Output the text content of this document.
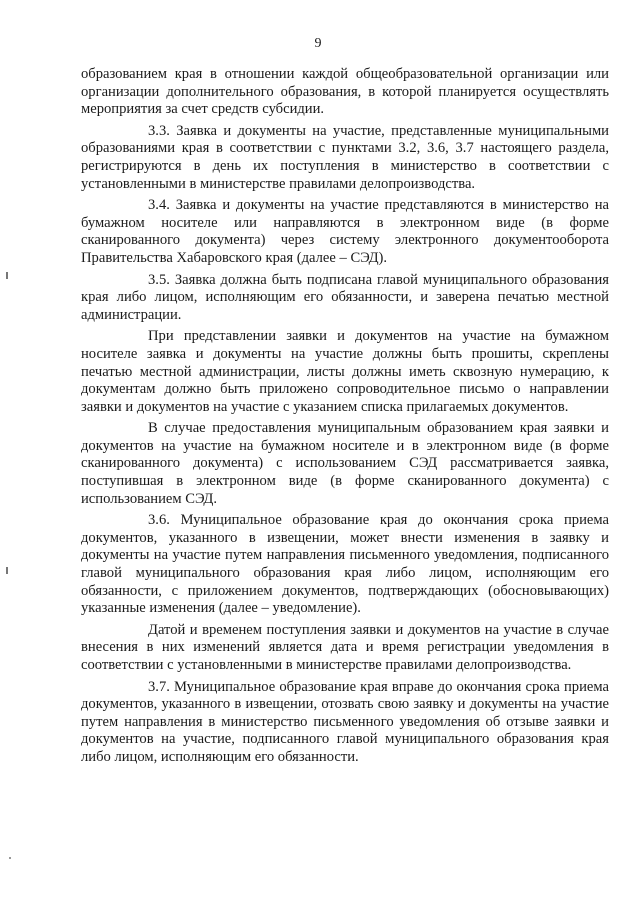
9

образованием края в отношении каждой общеобразовательной организации или организации дополнительного образования, в которой планируется осуществлять мероприятия за счет средств субсидии.

3.3. Заявка и документы на участие, представленные муниципальными образованиями края в соответствии с пунктами 3.2, 3.6, 3.7 настоящего раздела, регистрируются в день их поступления в министерство в соответствии с установленными в министерстве правилами делопроизводства.

3.4. Заявка и документы на участие представляются в министерство на бумажном носителе или направляются в электронном виде (в форме сканированного документа) через систему электронного документооборота Правительства Хабаровского края (далее – СЭД).

3.5. Заявка должна быть подписана главой муниципального образования края либо лицом, исполняющим его обязанности, и заверена печатью местной администрации.

При представлении заявки и документов на участие на бумажном носителе заявка и документы на участие должны быть прошиты, скреплены печатью местной администрации, листы должны иметь сквозную нумерацию, к документам должно быть приложено сопроводительное письмо о направлении заявки и документов на участие с указанием списка прилагаемых документов.

В случае предоставления муниципальным образованием края заявки и документов на участие на бумажном носителе и в электронном виде (в форме сканированного документа) с использованием СЭД рассматривается заявка, поступившая в электронном виде (в форме сканированного документа) с использованием СЭД.

3.6. Муниципальное образование края до окончания срока приема документов, указанного в извещении, может внести изменения в заявку и документы на участие путем направления письменного уведомления, подписанного главой муниципального образования края либо лицом, исполняющим его обязанности, с приложением документов, подтверждающих (обосновывающих) указанные изменения (далее – уведомление).

Датой и временем поступления заявки и документов на участие в случае внесения в них изменений является дата и время регистрации уведомления в соответствии с установленными в министерстве правилами делопроизводства.

3.7. Муниципальное образование края вправе до окончания срока приема документов, указанного в извещении, отозвать свою заявку и документы на участие путем направления в министерство письменного уведомления об отзыве заявки и документов на участие, подписанного главой муниципального образования края либо лицом, исполняющим его обязанности.
